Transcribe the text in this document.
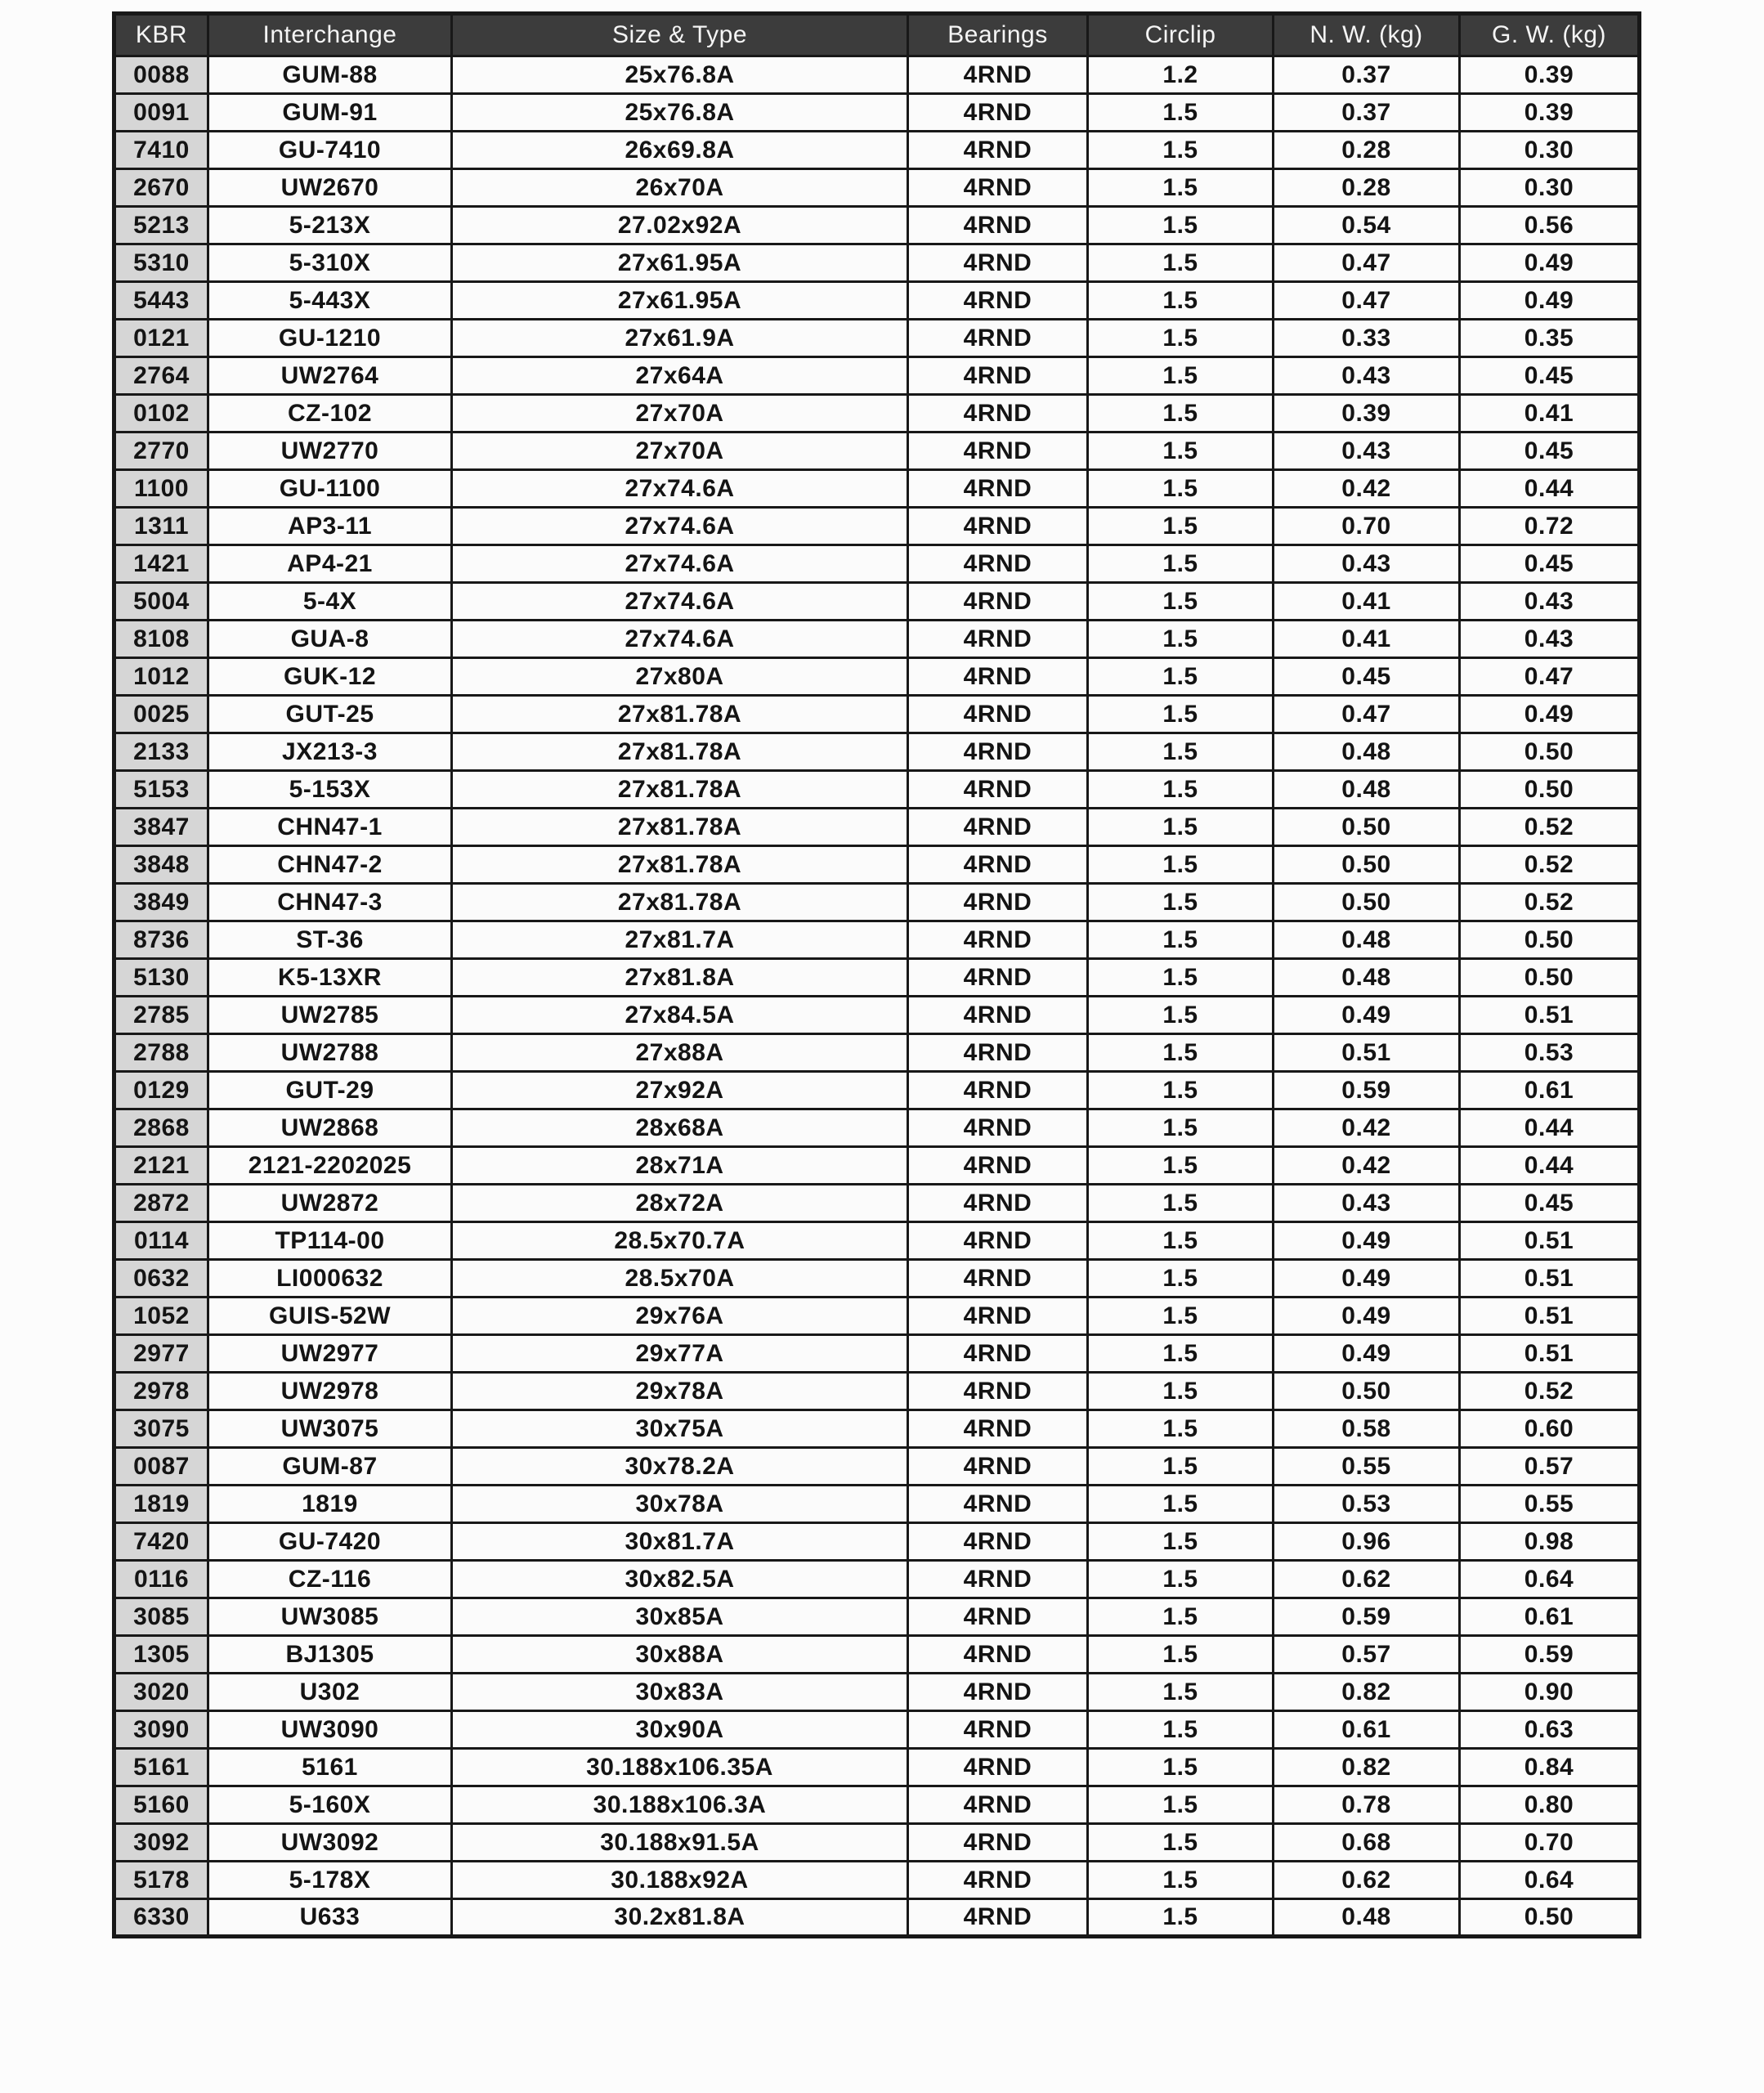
KBR	Interchange	Size & Type	Bearings	Circlip	N. W. (kg)	G. W. (kg)
0088	GUM-88	25x76.8A	4RND	1.2	0.37	0.39
0091	GUM-91	25x76.8A	4RND	1.5	0.37	0.39
7410	GU-7410	26x69.8A	4RND	1.5	0.28	0.30
2670	UW2670	26x70A	4RND	1.5	0.28	0.30
5213	5-213X	27.02x92A	4RND	1.5	0.54	0.56
5310	5-310X	27x61.95A	4RND	1.5	0.47	0.49
5443	5-443X	27x61.95A	4RND	1.5	0.47	0.49
0121	GU-1210	27x61.9A	4RND	1.5	0.33	0.35
2764	UW2764	27x64A	4RND	1.5	0.43	0.45
0102	CZ-102	27x70A	4RND	1.5	0.39	0.41
2770	UW2770	27x70A	4RND	1.5	0.43	0.45
1100	GU-1100	27x74.6A	4RND	1.5	0.42	0.44
1311	AP3-11	27x74.6A	4RND	1.5	0.70	0.72
1421	AP4-21	27x74.6A	4RND	1.5	0.43	0.45
5004	5-4X	27x74.6A	4RND	1.5	0.41	0.43
8108	GUA-8	27x74.6A	4RND	1.5	0.41	0.43
1012	GUK-12	27x80A	4RND	1.5	0.45	0.47
0025	GUT-25	27x81.78A	4RND	1.5	0.47	0.49
2133	JX213-3	27x81.78A	4RND	1.5	0.48	0.50
5153	5-153X	27x81.78A	4RND	1.5	0.48	0.50
3847	CHN47-1	27x81.78A	4RND	1.5	0.50	0.52
3848	CHN47-2	27x81.78A	4RND	1.5	0.50	0.52
3849	CHN47-3	27x81.78A	4RND	1.5	0.50	0.52
8736	ST-36	27x81.7A	4RND	1.5	0.48	0.50
5130	K5-13XR	27x81.8A	4RND	1.5	0.48	0.50
2785	UW2785	27x84.5A	4RND	1.5	0.49	0.51
2788	UW2788	27x88A	4RND	1.5	0.51	0.53
0129	GUT-29	27x92A	4RND	1.5	0.59	0.61
2868	UW2868	28x68A	4RND	1.5	0.42	0.44
2121	2121-2202025	28x71A	4RND	1.5	0.42	0.44
2872	UW2872	28x72A	4RND	1.5	0.43	0.45
0114	TP114-00	28.5x70.7A	4RND	1.5	0.49	0.51
0632	LI000632	28.5x70A	4RND	1.5	0.49	0.51
1052	GUIS-52W	29x76A	4RND	1.5	0.49	0.51
2977	UW2977	29x77A	4RND	1.5	0.49	0.51
2978	UW2978	29x78A	4RND	1.5	0.50	0.52
3075	UW3075	30x75A	4RND	1.5	0.58	0.60
0087	GUM-87	30x78.2A	4RND	1.5	0.55	0.57
1819	1819	30x78A	4RND	1.5	0.53	0.55
7420	GU-7420	30x81.7A	4RND	1.5	0.96	0.98
0116	CZ-116	30x82.5A	4RND	1.5	0.62	0.64
3085	UW3085	30x85A	4RND	1.5	0.59	0.61
1305	BJ1305	30x88A	4RND	1.5	0.57	0.59
3020	U302	30x83A	4RND	1.5	0.82	0.90
3090	UW3090	30x90A	4RND	1.5	0.61	0.63
5161	5161	30.188x106.35A	4RND	1.5	0.82	0.84
5160	5-160X	30.188x106.3A	4RND	1.5	0.78	0.80
3092	UW3092	30.188x91.5A	4RND	1.5	0.68	0.70
5178	5-178X	30.188x92A	4RND	1.5	0.62	0.64
6330	U633	30.2x81.8A	4RND	1.5	0.48	0.50
